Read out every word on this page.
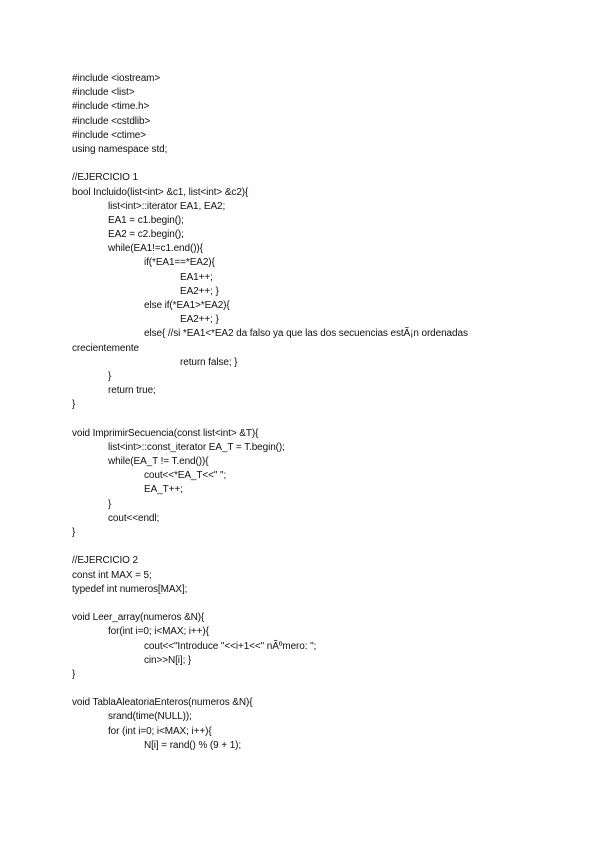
#include <iostream>
#include <list>
#include <time.h>
#include <cstdlib>
#include <ctime>
using namespace std;
//EJERCICIO 1
bool Incluido(list<int> &c1, list<int> &c2){
list<int>::iterator EA1, EA2;
EA1 = c1.begin();
EA2 = c2.begin();
while(EA1!=c1.end()){
if(*EA1==*EA2){
EA1++;
EA2++; }
else if(*EA1>*EA2){
EA2++; }
else{ //si *EA1<*EA2 da falso ya que las dos secuencias estÃ¡n ordenadas
crecientemente
return false; }
}
return true;
}
void ImprimirSecuencia(const list<int> &T){
list<int>::const_iterator EA_T = T.begin();
while(EA_T != T.end()){
cout<<*EA_T<<" ";
EA_T++;
}
cout<<endl;
}
//EJERCICIO 2
const int MAX = 5;
typedef int numeros[MAX];
void Leer_array(numeros &N){
for(int i=0; i<MAX; i++){
cout<<"Introduce "<<i+1<<" nÃºmero: ";
cin>>N[i]; }
}
void TablaAleatoriaEnteros(numeros &N){
srand(time(NULL));
for (int i=0; i<MAX; i++){
N[i] = rand() % (9 + 1);
